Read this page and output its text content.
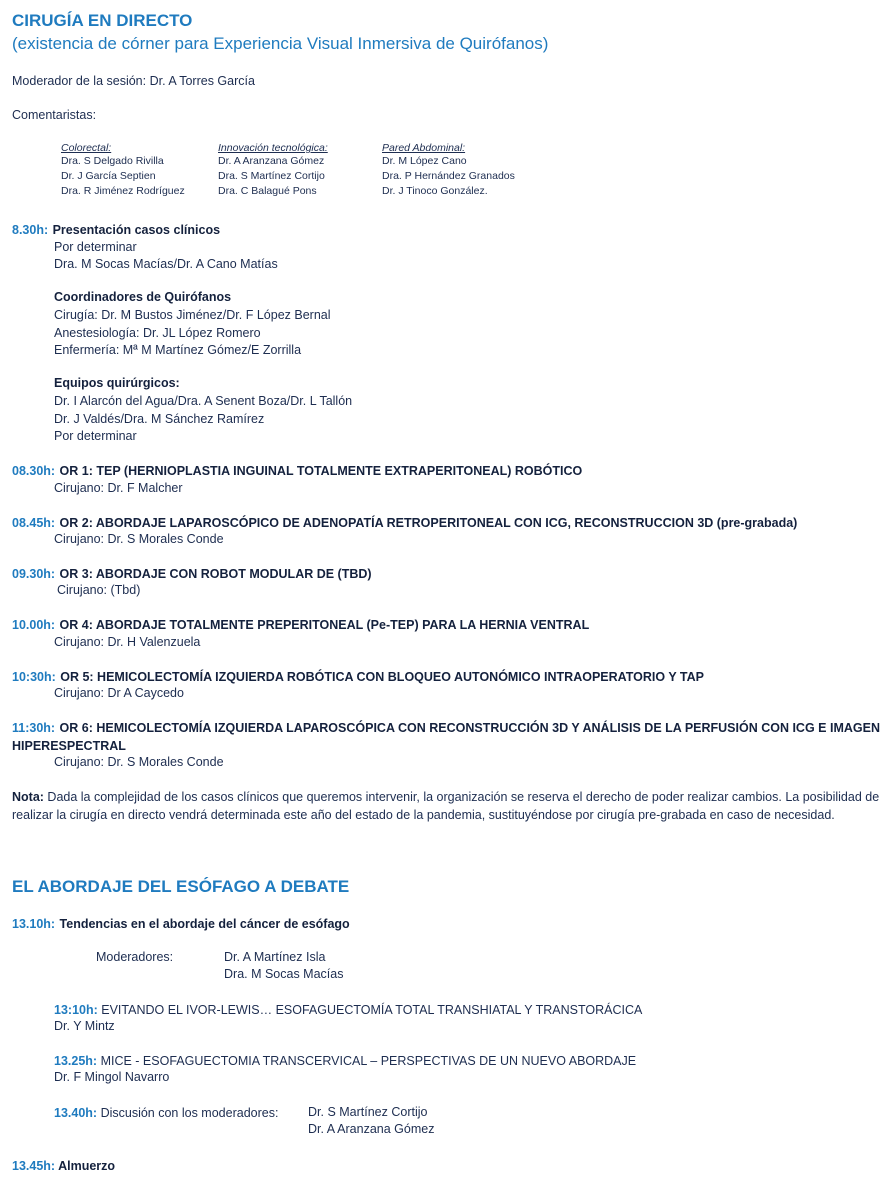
CIRUGÍA EN DIRECTO
(existencia de córner para Experiencia Visual Inmersiva de Quirófanos)
Moderador de la sesión: Dr. A Torres García
Comentaristas:
Colorectal:
Dra. S Delgado Rivilla
Dr. J García Septien
Dra. R Jiménez Rodríguez
Innovación tecnológica:
Dr. A Aranzana Gómez
Dra. S Martínez Cortijo
Dra. C Balagué Pons
Pared Abdominal:
Dr. M López Cano
Dra. P Hernández Granados
Dr. J Tinoco González.
8.30h: Presentación casos clínicos
Por determinar
Dra. M Socas Macías/Dr. A Cano Matías
Coordinadores de Quirófanos
Cirugía: Dr. M Bustos Jiménez/Dr. F López Bernal
Anestesiología: Dr. JL López Romero
Enfermería: Mª M Martínez Gómez/E Zorrilla
Equipos quirúrgicos:
Dr. I Alarcón del Agua/Dra. A Senent Boza/Dr. L Tallón
Dr. J Valdés/Dra. M Sánchez Ramírez
Por determinar
08.30h: OR 1: TEP (HERNIOPLASTIA INGUINAL TOTALMENTE EXTRAPERITONEAL) ROBÓTICO
Cirujano: Dr. F Malcher
08.45h: OR 2: ABORDAJE LAPAROSCÓPICO DE ADENOPATÍA RETROPERITONEAL CON ICG, RECONSTRUCCION 3D (pre-grabada)
Cirujano: Dr. S Morales Conde
09.30h: OR 3: ABORDAJE CON ROBOT MODULAR DE (TBD)
Cirujano: (Tbd)
10.00h: OR 4: ABORDAJE TOTALMENTE PREPERITONEAL (Pe-TEP) PARA LA HERNIA VENTRAL
Cirujano: Dr. H Valenzuela
10:30h: OR 5: HEMICOLECTOMÍA IZQUIERDA ROBÓTICA CON BLOQUEO AUTONÓMICO INTRAOPERATORIO Y TAP
Cirujano: Dr A Caycedo
11:30h: OR 6: HEMICOLECTOMÍA IZQUIERDA LAPAROSCÓPICA CON RECONSTRUCCIÓN 3D Y ANÁLISIS DE LA PERFUSIÓN CON ICG E IMAGEN HIPERESPECTRAL
Cirujano: Dr. S Morales Conde
Nota: Dada la complejidad de los casos clínicos que queremos intervenir, la organización se reserva el derecho de poder realizar cambios. La posibilidad de realizar la cirugía en directo vendrá determinada este año del estado de la pandemia, sustituyéndose por cirugía pre-grabada en caso de necesidad.
EL ABORDAJE DEL ESÓFAGO A DEBATE
13.10h: Tendencias en el abordaje del cáncer de esófago
Moderadores:	Dr. A Martínez Isla
Dra. M Socas Macías
13:10h: EVITANDO EL IVOR-LEWIS… ESOFAGUECTOMÍA TOTAL TRANSHIATAL Y TRANSTORÁCICA
Dr. Y Mintz
13.25h: MICE - ESOFAGUECTOMIA TRANSCERVICAL – PERSPECTIVAS DE UN NUEVO ABORDAJE
Dr. F Mingol Navarro
13.40h: Discusión con los moderadores: Dr. S Martínez Cortijo
Dr. A Aranzana Gómez
13.45h: Almuerzo
